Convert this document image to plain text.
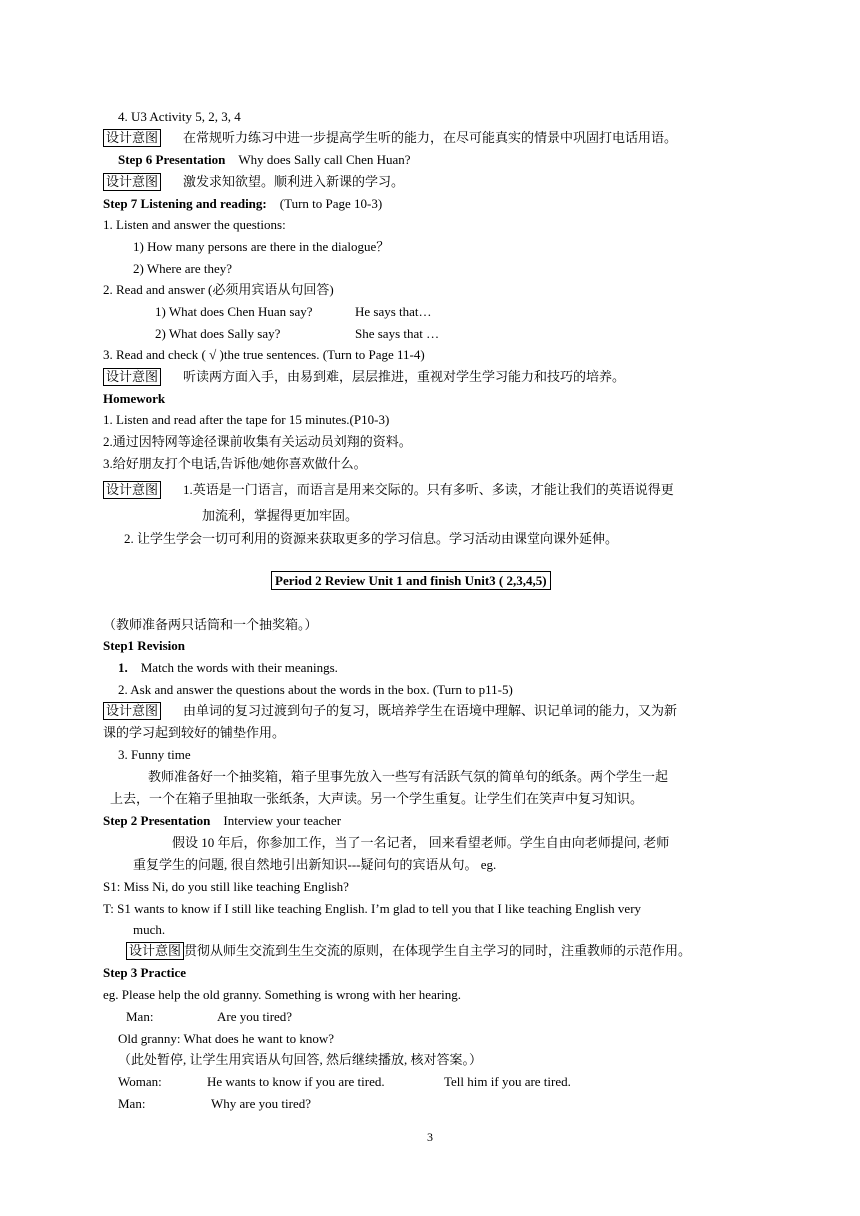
4. U3 Activity 5, 2, 3, 4
设计意图 在常规听力练习中进一步提高学生听的能力，在尽可能真实的情景中巩固打电话用语。
Step 6 Presentation Why does Sally call Chen Huan?
设计意图 激发求知欲望。顺利进入新课的学习。
Step 7 Listening and reading: (Turn to Page 10-3)
1. Listen and answer the questions:
1) How many persons are there in the dialogue？
2) Where are they?
2. Read and answer (必须用宾语从句回答)
1) What does Chen Huan say?	He says that…
2) What does Sally say?	She says that …
3. Read and check ( √ )the true sentences. (Turn to Page 11-4)
设计意图 听读两方面入手，由易到难，层层推进，重视对学生学习能力和技巧的培养。
Homework
1. Listen and read after the tape for 15 minutes.(P10-3)
2.通过因特网等途径课前收集有关运动员刘翔的资料。
3.给好朋友打个电话,告诉他/她你喜欢做什么。
设计意图 1.英语是一门语言，而语言是用来交际的。只有多听、多读，才能让我们的英语说得更
加流利，掌握得更加牢固。
2. 让学生学会一切可利用的资源来获取更多的学习信息。学习活动由课堂向课外延伸。
Period 2 Review Unit 1 and finish Unit3 ( 2,3,4,5)
（教师准备两只话筒和一个抽奖箱。）
Step1 Revision
1. Match the words with their meanings.
2. Ask and answer the questions about the words in the box. (Turn to p11-5)
设计意图 由单词的复习过渡到句子的复习，既培养学生在语境中理解、识记单词的能力，又为新
课的学习起到较好的铺垫作用。
3. Funny time
教师准备好一个抽奖箱，箱子里事先放入一些写有活跃气氛的简单句的纸条。两个学生一起
上去，一个在箱子里抽取一张纸条，大声读。另一个学生重复。让学生们在笑声中复习知识。
Step 2 Presentation Interview your teacher
假设 10 年后，你参加工作，当了一名记者， 回来看望老师。学生自由向老师提问, 老师
重复学生的问题, 很自然地引出新知识---疑问句的宾语从句。 eg.
S1: Miss Ni, do you still like teaching English?
T: S1 wants to know if I still like teaching English. I’m glad to tell you that I like teaching English very
much.
设计意图 贯彻从师生交流到生生交流的原则，在体现学生自主学习的同时，注重教师的示范作用。
Step 3 Practice
eg. Please help the old granny. Something is wrong with her hearing.
Man:	Are you tired?
Old granny: What does he want to know?
（此处暂停, 让学生用宾语从句回答, 然后继续播放, 核对答案。）
Woman:	He wants to know if you are tired.	Tell him if you are tired.
Man:	Why are you tired?
3
